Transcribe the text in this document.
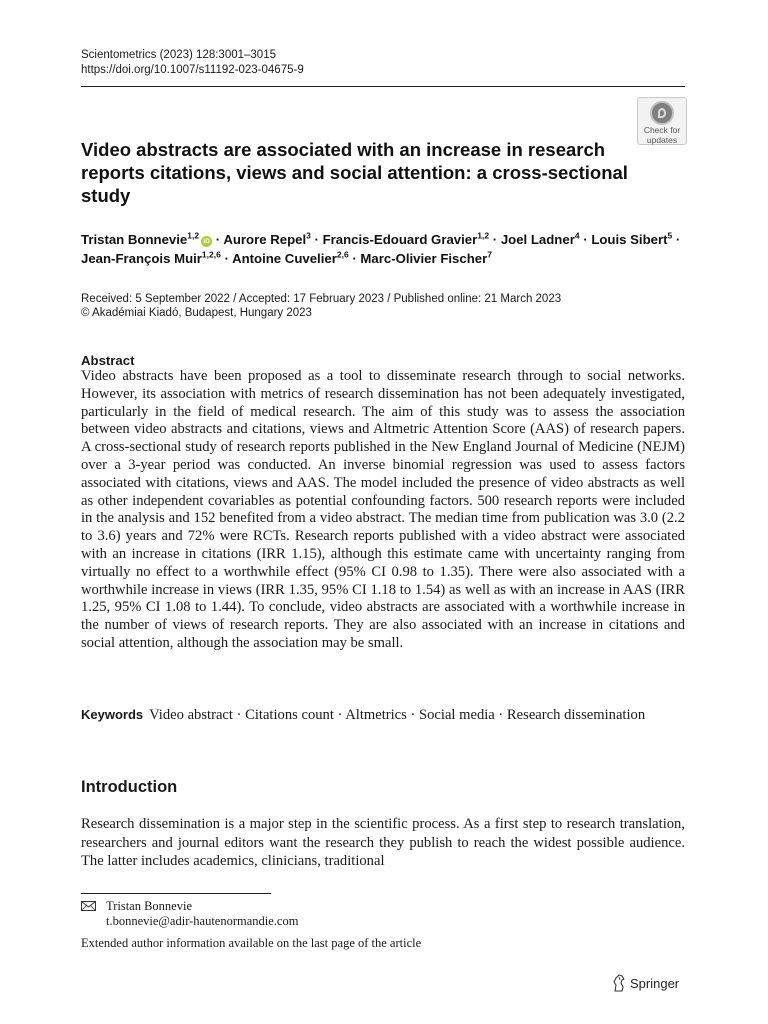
Scientometrics (2023) 128:3001–3015
https://doi.org/10.1007/s11192-023-04675-9
Check for
updates
Video abstracts are associated with an increase in research reports citations, views and social attention: a cross-sectional study
Tristan Bonnevie$^{1,2}$iD · Aurore Repel$^3$ · Francis-Edouard Gravier$^{1,2}$ · Joel Ladner$^4$ · Louis Sibert$^5$ · Jean-François Muir$^{1,2,6}$ · Antoine Cuvelier$^{2,6}$ · Marc-Olivier Fischer$^7$
Received: 5 September 2022 / Accepted: 17 February 2023 / Published online: 21 March 2023
© Akadémiai Kiadó, Budapest, Hungary 2023
Abstract

Video abstracts have been proposed as a tool to disseminate research through to social networks. However, its association with metrics of research dissemination has not been adequately investigated, particularly in the field of medical research. The aim of this study was to assess the association between video abstracts and citations, views and Altmetric Attention Score (AAS) of research papers. A cross-sectional study of research reports published in the New England Journal of Medicine (NEJM) over a 3-year period was conducted. An inverse binomial regression was used to assess factors associated with citations, views and AAS. The model included the presence of video abstracts as well as other independent covariables as potential confounding factors. 500 research reports were included in the analysis and 152 benefited from a video abstract. The median time from publication was 3.0 (2.2 to 3.6) years and 72% were RCTs. Research reports published with a video abstract were associated with an increase in citations (IRR 1.15), although this estimate came with uncertainty ranging from virtually no effect to a worthwhile effect (95% CI 0.98 to 1.35). There were also associated with a worthwhile increase in views (IRR 1.35, 95% CI 1.18 to 1.54) as well as with an increase in AAS (IRR 1.25, 95% CI 1.08 to 1.44). To conclude, video abstracts are associated with a worthwhile increase in the number of views of research reports. They are also associated with an increase in citations and social attention, although the association may be small.

Keywords Video abstract · Citations count · Altmetrics · Social media · Research dissemination
Introduction

Research dissemination is a major step in the scientific process. As a first step to research translation, researchers and journal editors want the research they publish to reach the widest possible audience. The latter includes academics, clinicians, traditional

Tristan Bonnevie
t.bonnevie@adir-hautenormandie.com
Extended author information available on the last page of the article
Springer
